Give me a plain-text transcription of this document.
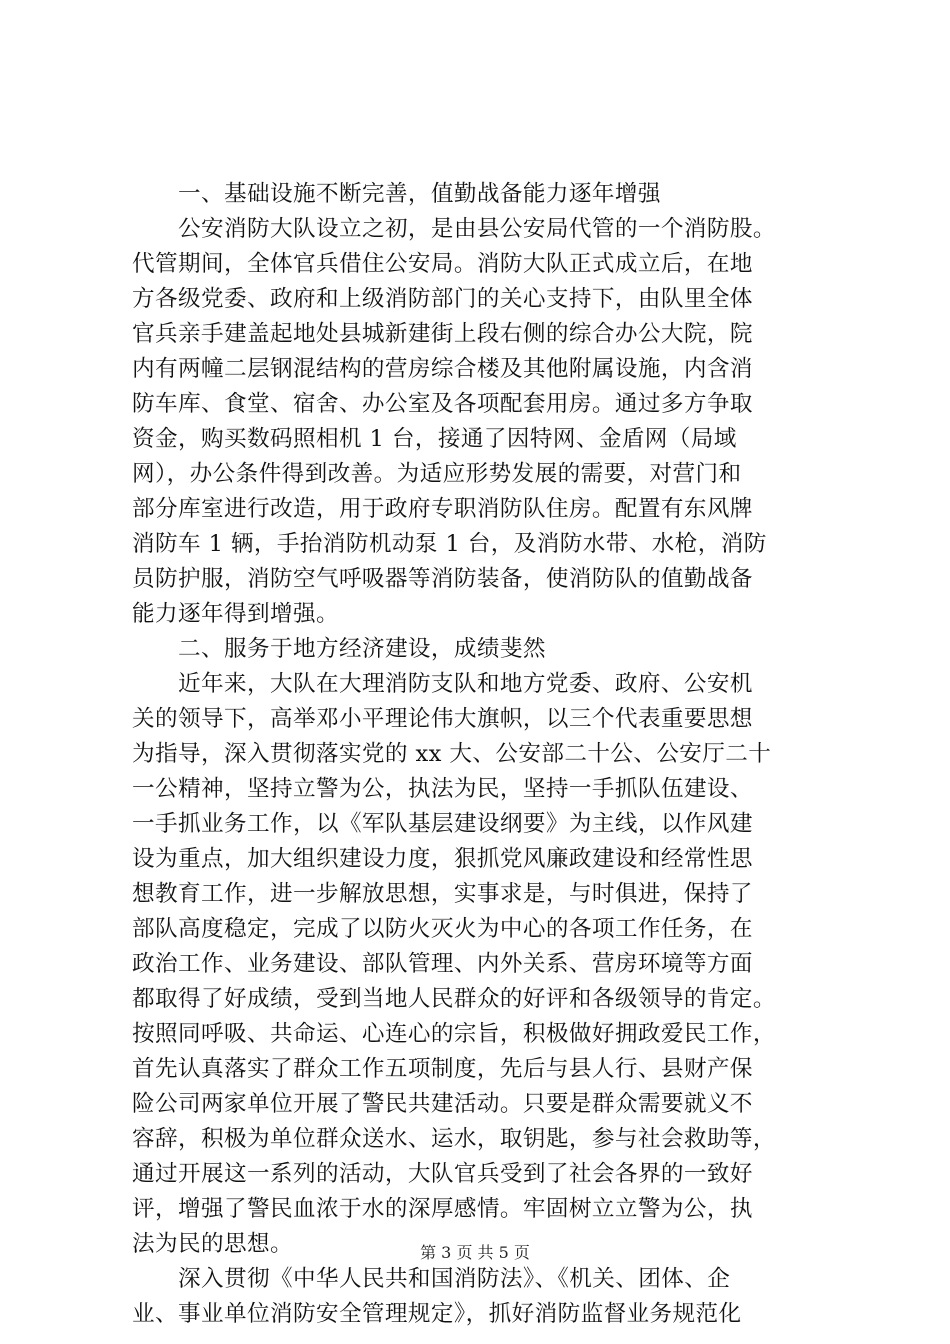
一、基础设施不断完善，值勤战备能力逐年增强
公安消防大队设立之初，是由县公安局代管的一个消防股。
代管期间，全体官兵借住公安局。消防大队正式成立后，在地
方各级党委、政府和上级消防部门的关心支持下，由队里全体
官兵亲手建盖起地处县城新建街上段右侧的综合办公大院，院
内有两幢二层钢混结构的营房综合楼及其他附属设施，内含消
防车库、食堂、宿舍、办公室及各项配套用房。通过多方争取
资金，购买数码照相机 1 台，接通了因特网、金盾网（局域
网），办公条件得到改善。为适应形势发展的需要，对营门和
部分库室进行改造，用于政府专职消防队住房。配置有东风牌
消防车 1 辆，手抬消防机动泵 1 台，及消防水带、水枪，消防
员防护服，消防空气呼吸器等消防装备，使消防队的值勤战备
能力逐年得到增强。
二、服务于地方经济建设，成绩斐然
近年来，大队在大理消防支队和地方党委、政府、公安机
关的领导下，高举邓小平理论伟大旗帜，以三个代表重要思想
为指导，深入贯彻落实党的 xx 大、公安部二十公、公安厅二十
一公精神，坚持立警为公，执法为民，坚持一手抓队伍建设、
一手抓业务工作，以《军队基层建设纲要》为主线，以作风建
设为重点，加大组织建设力度，狠抓党风廉政建设和经常性思
想教育工作，进一步解放思想，实事求是，与时俱进，保持了
部队高度稳定，完成了以防火灭火为中心的各项工作任务，在
政治工作、业务建设、部队管理、内外关系、营房环境等方面
都取得了好成绩，受到当地人民群众的好评和各级领导的肯定。
按照同呼吸、共命运、心连心的宗旨，积极做好拥政爱民工作，
首先认真落实了群众工作五项制度，先后与县人行、县财产保
险公司两家单位开展了警民共建活动。只要是群众需要就义不
容辞，积极为单位群众送水、运水，取钥匙，参与社会救助等，
通过开展这一系列的活动，大队官兵受到了社会各界的一致好
评，增强了警民血浓于水的深厚感情。牢固树立立警为公，执
法为民的思想。
深入贯彻《中华人民共和国消防法》、《机关、团体、企
业、事业单位消防安全管理规定》，抓好消防监督业务规范化
第 3 页 共 5 页
